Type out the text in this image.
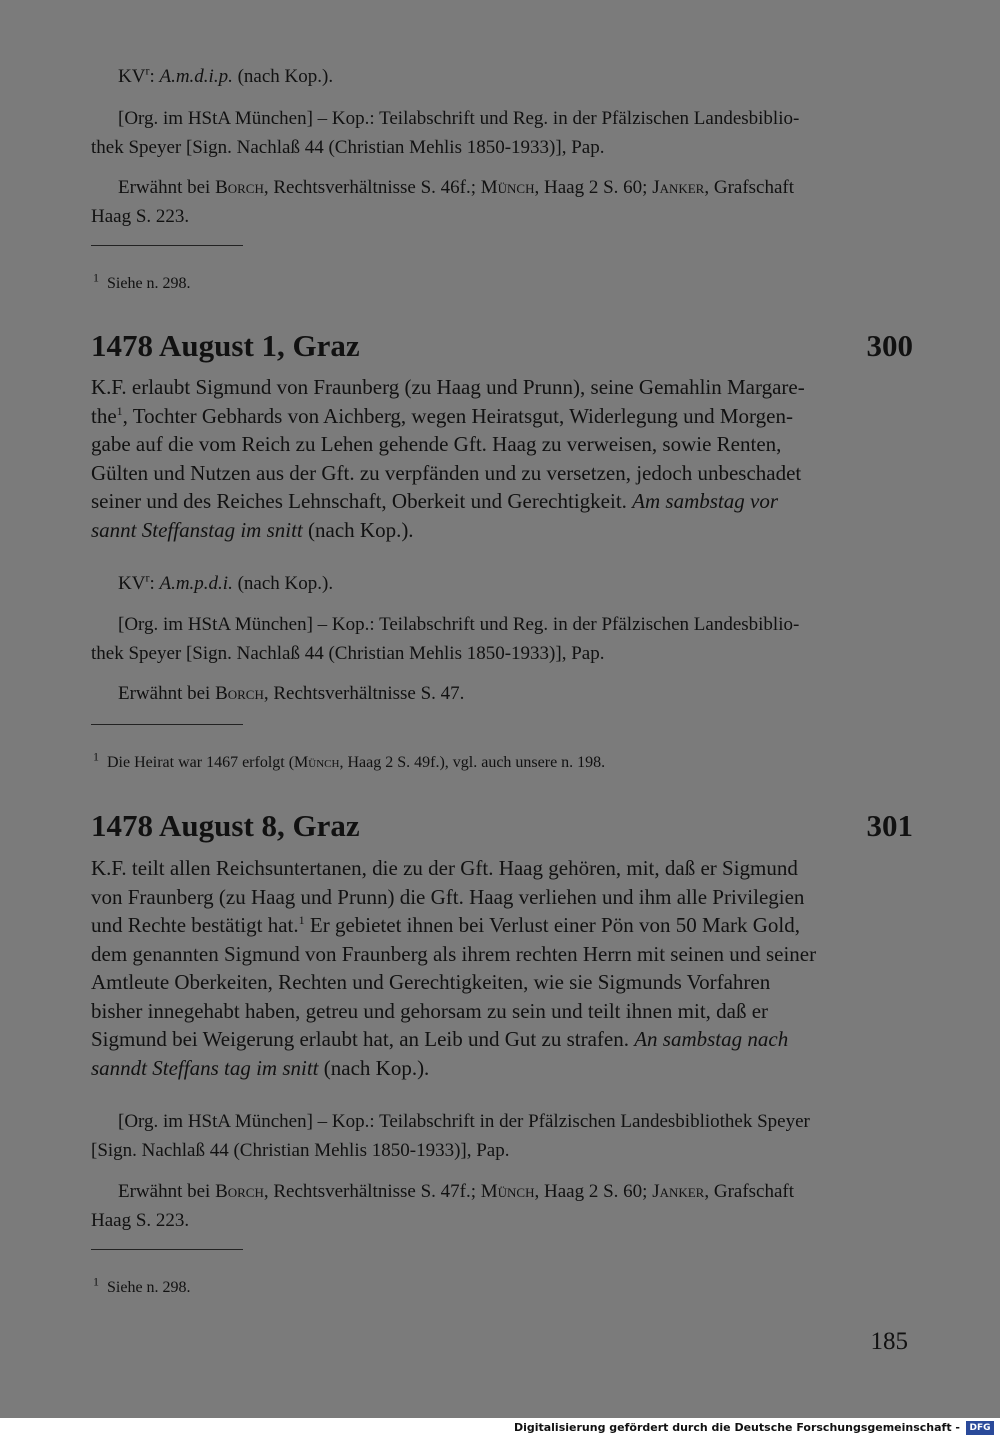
$KV^r$: A.m.d.i.p. (nach Kop.).
[Org. im HStA München] – Kop.: Teilabschrift und Reg. in der Pfälzischen Landesbiblio-
thek Speyer [Sign. Nachlaß 44 (Christian Mehlis 1850-1933)], Pap.
Erwähnt bei Borch, Rechtsverhältnisse S. 46f.; Münch, Haag 2 S. 60; Janker, Grafschaft
Haag S. 223.
$^1$ Siehe n. 298.
1478 August 1, Graz	300
K.F. erlaubt Sigmund von Fraunberg (zu Haag und Prunn), seine Gemahlin Margare-
the$^1$, Tochter Gebhards von Aichberg, wegen Heiratsgut, Widerlegung und Morgen-
gabe auf die vom Reich zu Lehen gehende Gft. Haag zu verweisen, sowie Renten,
Gülten und Nutzen aus der Gft. zu verpfänden und zu versetzen, jedoch unbeschadet
seiner und des Reiches Lehnschaft, Oberkeit und Gerechtigkeit. Am sambstag vor
sannt Steffanstag im snitt (nach Kop.).
$KV^r$: A.m.p.d.i. (nach Kop.).
[Org. im HStA München] – Kop.: Teilabschrift und Reg. in der Pfälzischen Landesbiblio-
thek Speyer [Sign. Nachlaß 44 (Christian Mehlis 1850-1933)], Pap.
Erwähnt bei Borch, Rechtsverhältnisse S. 47.
$^1$ Die Heirat war 1467 erfolgt (Münch, Haag 2 S. 49f.), vgl. auch unsere n. 198.
1478 August 8, Graz	301
K.F. teilt allen Reichsuntertanen, die zu der Gft. Haag gehören, mit, daß er Sigmund
von Fraunberg (zu Haag und Prunn) die Gft. Haag verliehen und ihm alle Privilegien
und Rechte bestätigt hat.$^1$ Er gebietet ihnen bei Verlust einer Pön von 50 Mark Gold,
dem genannten Sigmund von Fraunberg als ihrem rechten Herrn mit seinen und seiner
Amtleute Oberkeiten, Rechten und Gerechtigkeiten, wie sie Sigmunds Vorfahren
bisher innegehabt haben, getreu und gehorsam zu sein und teilt ihnen mit, daß er
Sigmund bei Weigerung erlaubt hat, an Leib und Gut zu strafen. An sambstag nach
sanndt Steffans tag im snitt (nach Kop.).
[Org. im HStA München] – Kop.: Teilabschrift in der Pfälzischen Landesbibliothek Speyer
[Sign. Nachlaß 44 (Christian Mehlis 1850-1933)], Pap.
Erwähnt bei Borch, Rechtsverhältnisse S. 47f.; Münch, Haag 2 S. 60; Janker, Grafschaft
Haag S. 223.
$^1$ Siehe n. 298.
185
Digitalisierung gefördert durch die Deutsche Forschungsgemeinschaft -	DFG
